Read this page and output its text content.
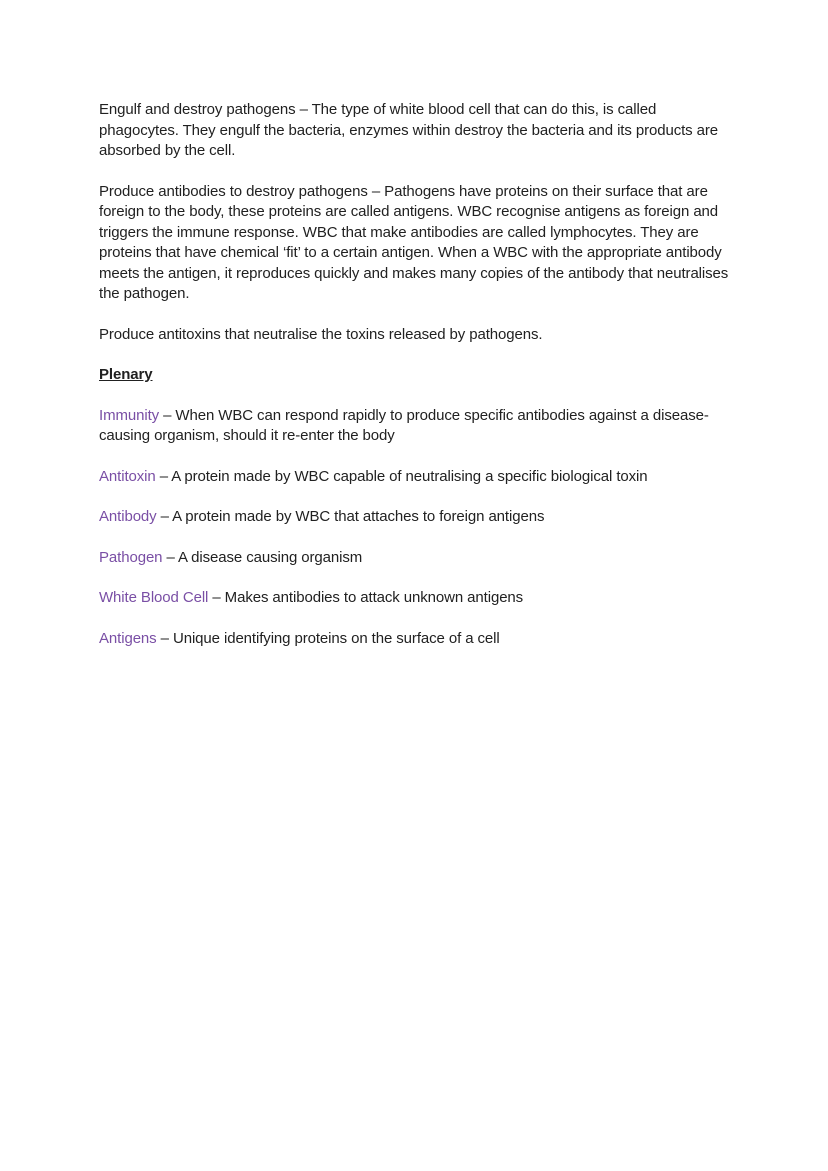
Engulf and destroy pathogens – The type of white blood cell that can do this, is called phagocytes. They engulf the bacteria, enzymes within destroy the bacteria and its products are absorbed by the cell.

Produce antibodies to destroy pathogens – Pathogens have proteins on their surface that are foreign to the body, these proteins are called antigens. WBC recognise antigens as foreign and triggers the immune response. WBC that make antibodies are called lymphocytes. They are proteins that have chemical ‘fit’ to a certain antigen. When a WBC with the appropriate antibody meets the antigen, it reproduces quickly and makes many copies of the antibody that neutralises the pathogen.

Produce antitoxins that neutralise the toxins released by pathogens.

Plenary

Immunity – When WBC can respond rapidly to produce specific antibodies against a disease-causing organism, should it re-enter the body

Antitoxin – A protein made by WBC capable of neutralising a specific biological toxin

Antibody – A protein made by WBC that attaches to foreign antigens

Pathogen – A disease causing organism

White Blood Cell – Makes antibodies to attack unknown antigens

Antigens – Unique identifying proteins on the surface of a cell
